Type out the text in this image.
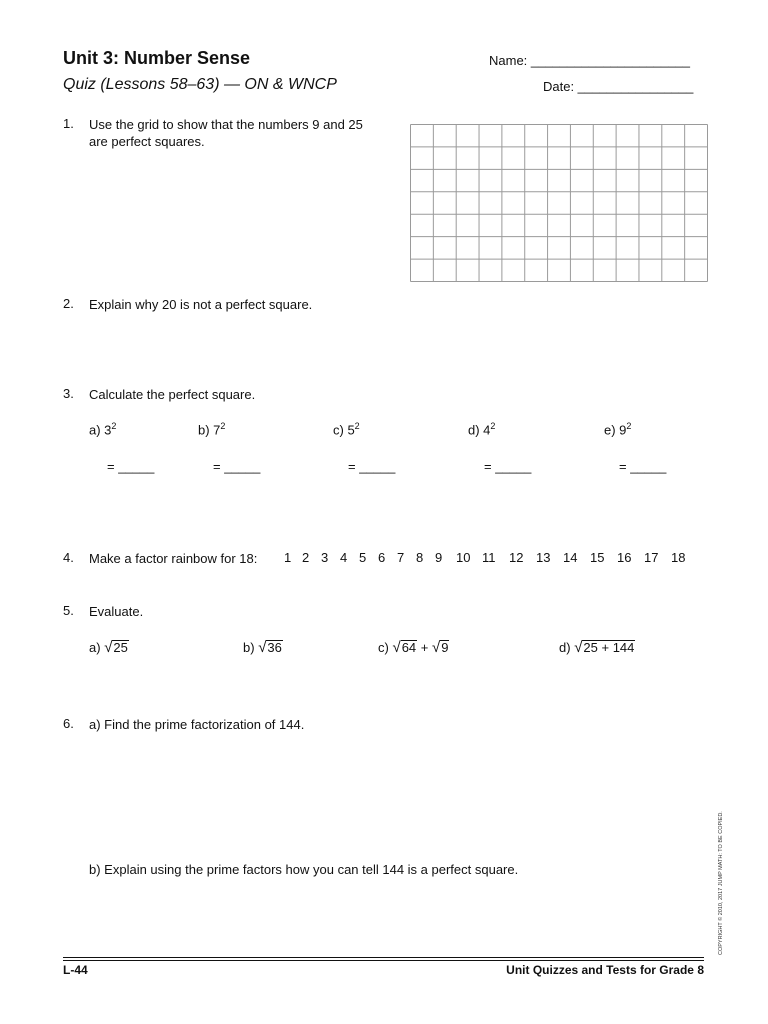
Unit 3: Number Sense
Quiz (Lessons 58–63) — ON & WNCP
Name: ______________________
Date: ________________
1. Use the grid to show that the numbers 9 and 25
are perfect squares.
2. Explain why 20 is not a perfect square.
3. Calculate the perfect square.
a) $3^2$	b) $7^2$	c) $5^2$	d) $4^2$	e) $9^2$
= _____	= _____	= _____	= _____	= _____
4. Make a factor rainbow for 18: 1 2 3 4 5 6 7 8 9 10 11 12 13 14 15 16 17 18
5. Evaluate.
a)
√ 25	b)
√ 36	c)
√ 64
+
√ 9	d)
√ 25 + 144
6. a) Find the prime factorization of 144.
b) Explain using the prime factors how you can tell 144 is a perfect square.	COPYRIGHT © 2010, 2017 JUMP MATH: TO BE COPIED.
L-44	Unit Quizzes and Tests for Grade 8
